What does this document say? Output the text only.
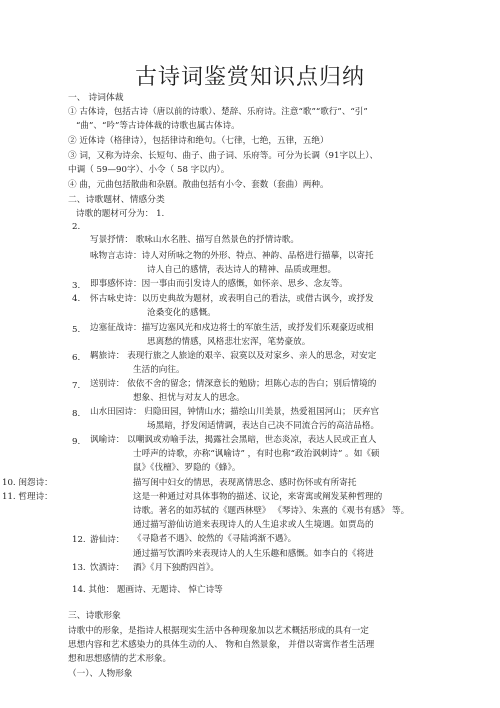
古诗词鉴赏知识点归纳
一、 诗词体裁
① 古体诗，包括古诗（唐以前的诗歌）、楚辞、乐府诗。注意“歌”“歌行”、“引”
“曲”、“吟”等古诗体裁的诗歌也属古体诗。
② 近体诗（格律诗），包括律诗和绝句。（七律，七绝，五律，五绝）
③ 词，又称为诗余、长短句、曲子、曲子词、乐府等。可分为长调（91字以上）、
中调（ 59—90字）、小令（ 58 字以内）。
④ 曲，元曲包括散曲和杂剧。散曲包括有小令、套数（套曲）两种。
二、诗歌题材、情感分类
诗歌的题材可分为： 1.
2.
写景抒情： 歌咏山水名胜、描写自然景色的抒情诗歌。
咏物言志诗：诗人对所咏之物的外形、特点、神韵、品格进行描摹，以寄托
诗人自己的感情，表达诗人的精神、品质或理想。
3. 即事感怀诗：因一事由而引发诗人的感慨，如怀亲、思乡、念友等。
4. 怀古咏史诗：以历史典故为题材，或表明自己的看法，或借古讽今，或抒发
沧桑变化的感慨。
5. 边塞征战诗：描写边塞风光和戍边将士的军旅生活，或抒发们乐观豪迈或相
思离愁的情感，风格悲壮宏浑，笔势豪放。
6. 羁旅诗： 表现行旅之人旅途的艰辛、寂寞以及对家乡、亲人的思念，对安定
生活的向往。
7. 送别诗： 依依不舍的留念；情深意长的勉励；坦陈心志的告白；别后情境的
想象、担忧与对友人的思念。
8. 山水田园诗： 归隐田园，钟情山水；描绘山川美景，热爱祖国河山； 厌弃官
场黑暗，抒发闲适情调，表达自己决不同流合污的高洁品格。
9. 讽喻诗： 以嘲讽或劝喻手法，揭露社会黑暗，世态炎凉，表达人民或正直人
士呼声的诗歌，亦称“讽喻诗” ，有时也称“政治讽刺诗” 。如《硕
鼠》《伐檀》、罗隐的《蜂》。
10. 闺怨诗：	描写闺中妇女的情思，表现离情思念、感时伤怀或有所寄托
11. 哲理诗：	这是一种通过对具体事物的描述、议论，来寄寓或阐发某种哲理的
诗歌。著名的如苏轼的《题西林壁》 《琴诗》、朱熹的《观书有感》 等。
通过描写游仙访道来表现诗人的人生追求或人生境遇。如贾岛的
12. 游仙诗： 《寻隐者不遇》、皎然的《寻陆鸿渐不遇》。
通过描写饮酒吟来表现诗人的人生乐趣和感慨。如李白的《将进
13. 饮酒诗： 酒》《月下独酌四首》。
14. 其他： 题画诗、无题诗、 悼亡诗等
三、诗歌形象
诗歌中的形象，是指诗人根据现实生活中各种现象加以艺术概括形成的具有一定
思想内容和艺术感染力的具体生动的人、 物和自然景象， 并借以寄寓作者生活理
想和思想感情的艺术形象。
（一）、人物形象
